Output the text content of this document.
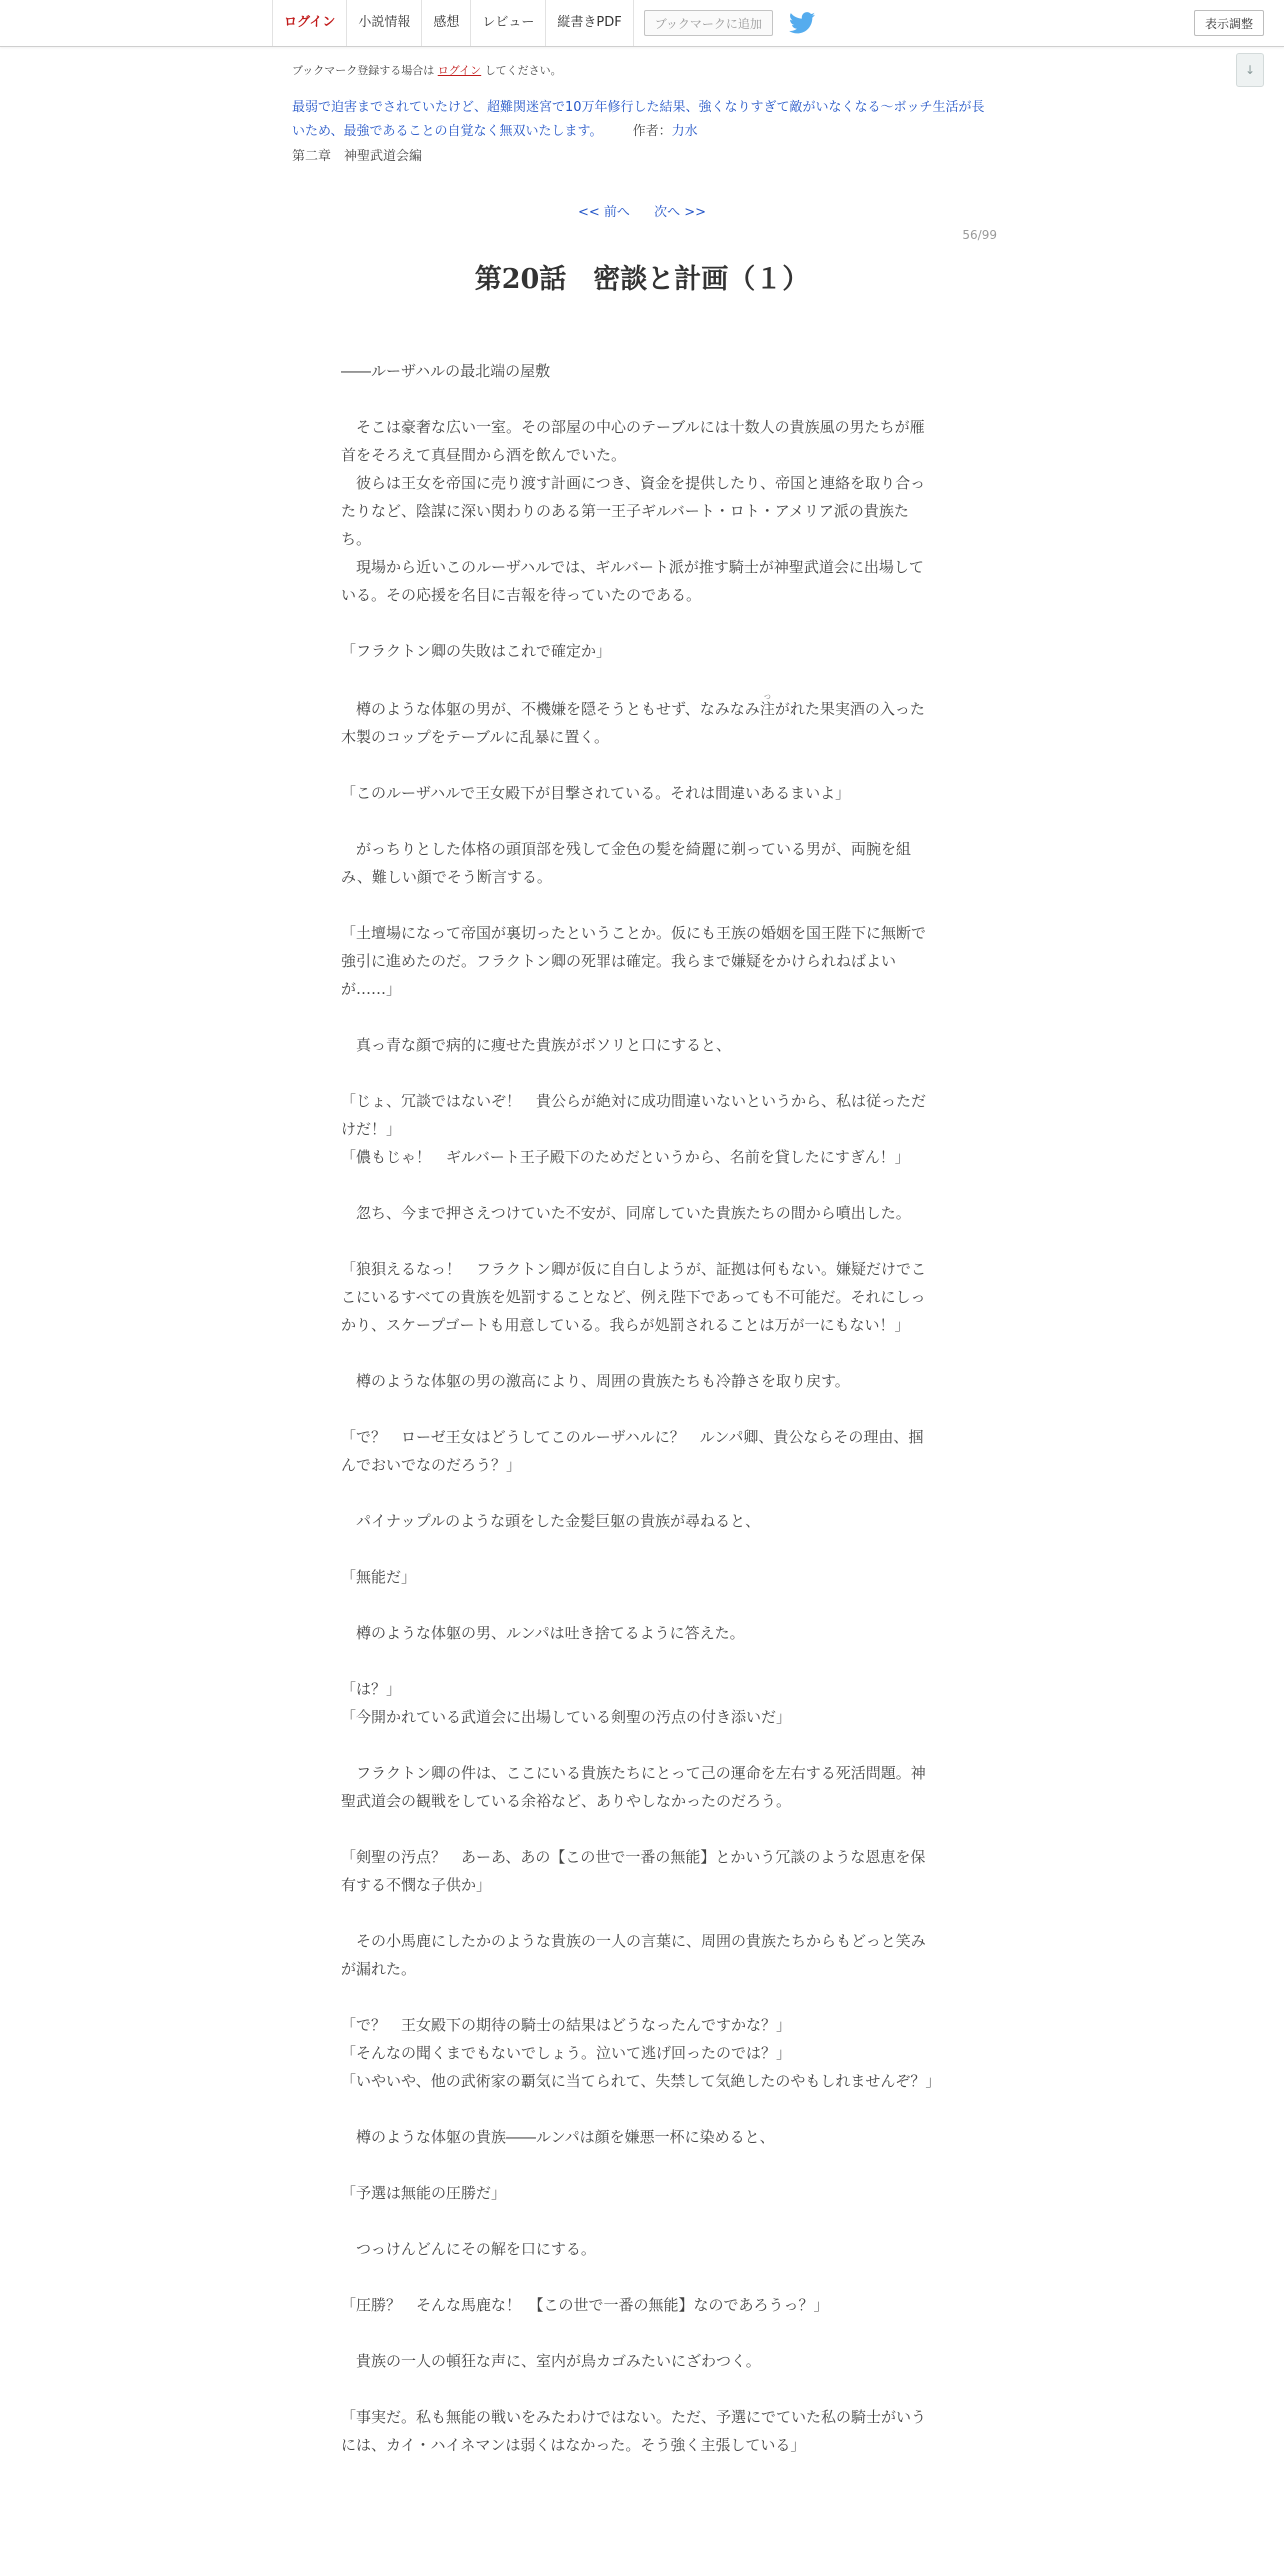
ログイン	小説情報	感想	レビュー	縦書きPDF	ブックマークに追加	表示調整
↓
ブックマーク登録する場合は ログイン してください。
最弱で迫害までされていたけど、超難関迷宮で10万年修行した結果、強くなりすぎて敵がいなくなる～ボッチ生活が長いため、最強であることの自覚なく無双いたします。 作者：力水
第二章　神聖武道会編
<< 前へ 次へ >>
56/99
第20話　密談と計画（１）

――ルーザハルの最北端の屋敷

　そこは豪奢な広い一室。その部屋の中心のテーブルには十数人の貴族風の男たちが雁首をそろえて真昼間から酒を飲んでいた。

　彼らは王女を帝国に売り渡す計画につき、資金を提供したり、帝国と連絡を取り合ったりなど、陰謀に深い関わりのある第一王子ギルバート・ロト・アメリア派の貴族たち。

　現場から近いこのルーザハルでは、ギルバート派が推す騎士が神聖武道会に出場している。その応援を名目に吉報を待っていたのである。

「フラクトン卿の失敗はこれで確定か」

　樽のような体躯の男が、不機嫌を隠そうともせず、なみなみ注つがれた果実酒の入った木製のコップをテーブルに乱暴に置く。

「このルーザハルで王女殿下が目撃されている。それは間違いあるまいよ」

　がっちりとした体格の頭頂部を残して金色の髪を綺麗に剃っている男が、両腕を組み、難しい顔でそう断言する。

「土壇場になって帝国が裏切ったということか。仮にも王族の婚姻を国王陛下に無断で強引に進めたのだ。フラクトン卿の死罪は確定。我らまで嫌疑をかけられねばよいが……」

　真っ青な顔で病的に痩せた貴族がボソリと口にすると、

「じょ、冗談ではないぞ！　貴公らが絶対に成功間違いないというから、私は従っただけだ！」

「儂もじゃ！　ギルバート王子殿下のためだというから、名前を貸したにすぎん！」

　忽ち、今まで押さえつけていた不安が、同席していた貴族たちの間から噴出した。

「狼狽えるなっ！　フラクトン卿が仮に自白しようが、証拠は何もない。嫌疑だけでここにいるすべての貴族を処罰することなど、例え陛下であっても不可能だ。それにしっかり、スケープゴートも用意している。我らが処罰されることは万が一にもない！」

　樽のような体躯の男の激高により、周囲の貴族たちも冷静さを取り戻す。

「で？　ローゼ王女はどうしてこのルーザハルに？　ルンパ卿、貴公ならその理由、掴んでおいでなのだろう？」

　パイナップルのような頭をした金髪巨躯の貴族が尋ねると、

「無能だ」

　樽のような体躯の男、ルンパは吐き捨てるように答えた。

「は？」

「今開かれている武道会に出場している剣聖の汚点の付き添いだ」

　フラクトン卿の件は、ここにいる貴族たちにとって己の運命を左右する死活問題。神聖武道会の観戦をしている余裕など、ありやしなかったのだろう。

「剣聖の汚点？　あーあ、あの【この世で一番の無能】とかいう冗談のような恩恵を保有する不憫な子供か」

　その小馬鹿にしたかのような貴族の一人の言葉に、周囲の貴族たちからもどっと笑みが漏れた。

「で？　王女殿下の期待の騎士の結果はどうなったんですかな？」

「そんなの聞くまでもないでしょう。泣いて逃げ回ったのでは？」

「いやいや、他の武術家の覇気に当てられて、失禁して気絶したのやもしれませんぞ？」

　樽のような体躯の貴族――ルンパは顔を嫌悪一杯に染めると、

「予選は無能の圧勝だ」

　つっけんどんにその解を口にする。

「圧勝？　そんな馬鹿な！　【この世で一番の無能】なのであろうっ？」

　貴族の一人の頓狂な声に、室内が鳥カゴみたいにざわつく。

「事実だ。私も無能の戦いをみたわけではない。ただ、予選にでていた私の騎士がいうには、カイ・ハイネマンは弱くはなかった。そう強く主張している」
